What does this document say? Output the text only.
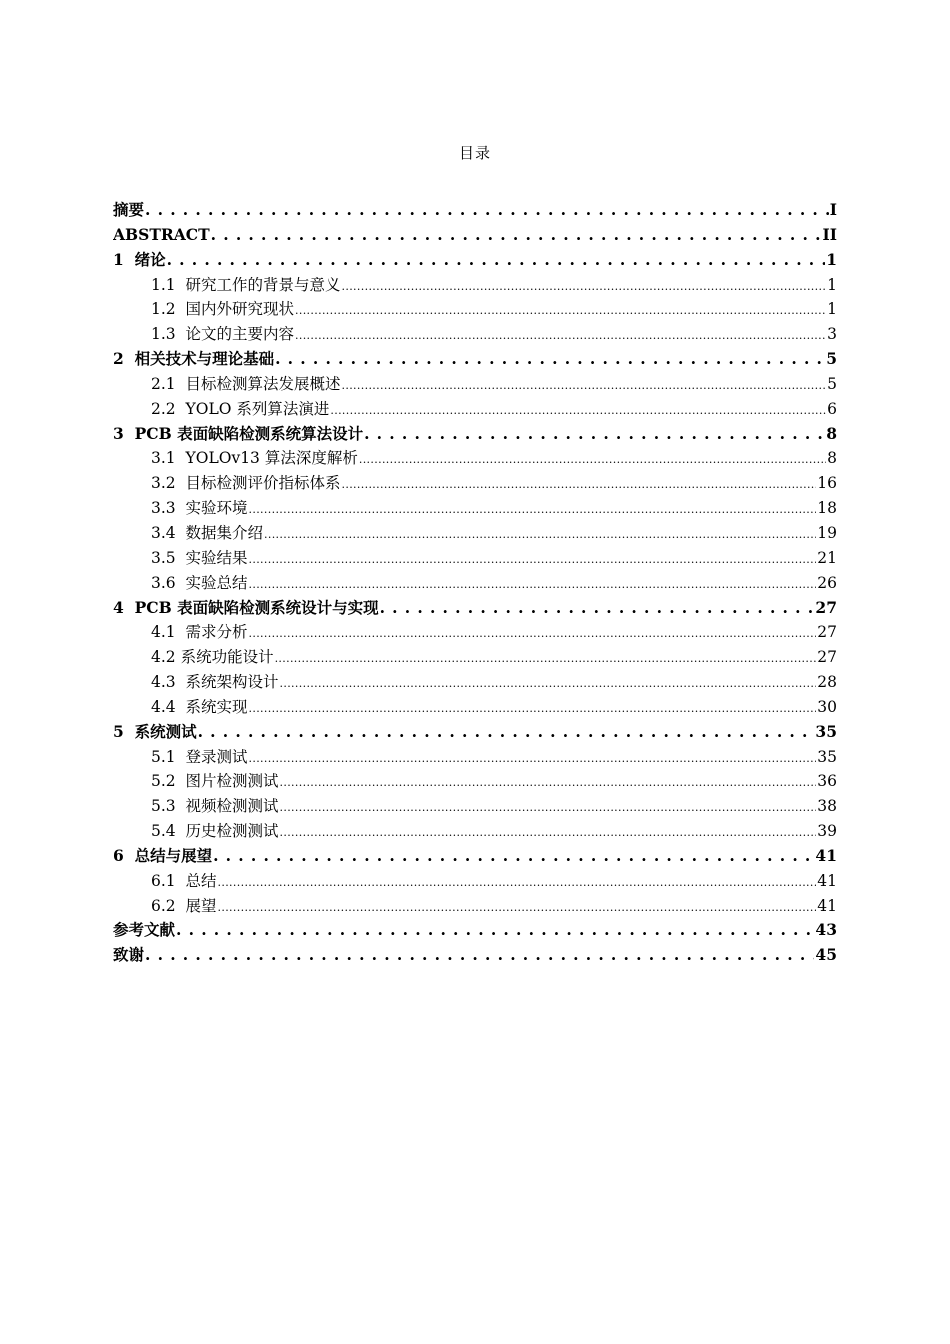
目录
摘要 . . .	I
ABSTRACT . . .	II
1  绪论 . . .	1
1.1  研究工作的背景与意义 .....	1
1.2  国内外研究现状 .....	1
1.3  论文的主要内容 .....	3
2  相关技术与理论基础 . . .	5
2.1  目标检测算法发展概述 .....	5
2.2  YOLO 系列算法演进 .....	6
3  PCB 表面缺陷检测系统算法设计 . . .	8
3.1  YOLOv13 算法深度解析 .....	8
3.2  目标检测评价指标体系 .....	16
3.3  实验环境 .....	18
3.4  数据集介绍 .....	19
3.5  实验结果 .....	21
3.6  实验总结 .....	26
4  PCB 表面缺陷检测系统设计与实现 . . .	27
4.1  需求分析 .....	27
4.2 系统功能设计 .....	27
4.3  系统架构设计 .....	28
4.4  系统实现 .....	30
5  系统测试 . . .	35
5.1  登录测试 .....	35
5.2  图片检测测试 .....	36
5.3  视频检测测试 .....	38
5.4  历史检测测试 .....	39
6  总结与展望 . . .	41
6.1  总结 .....	41
6.2  展望 .....	41
参考文献 . . .	43
致谢 . . .	45
